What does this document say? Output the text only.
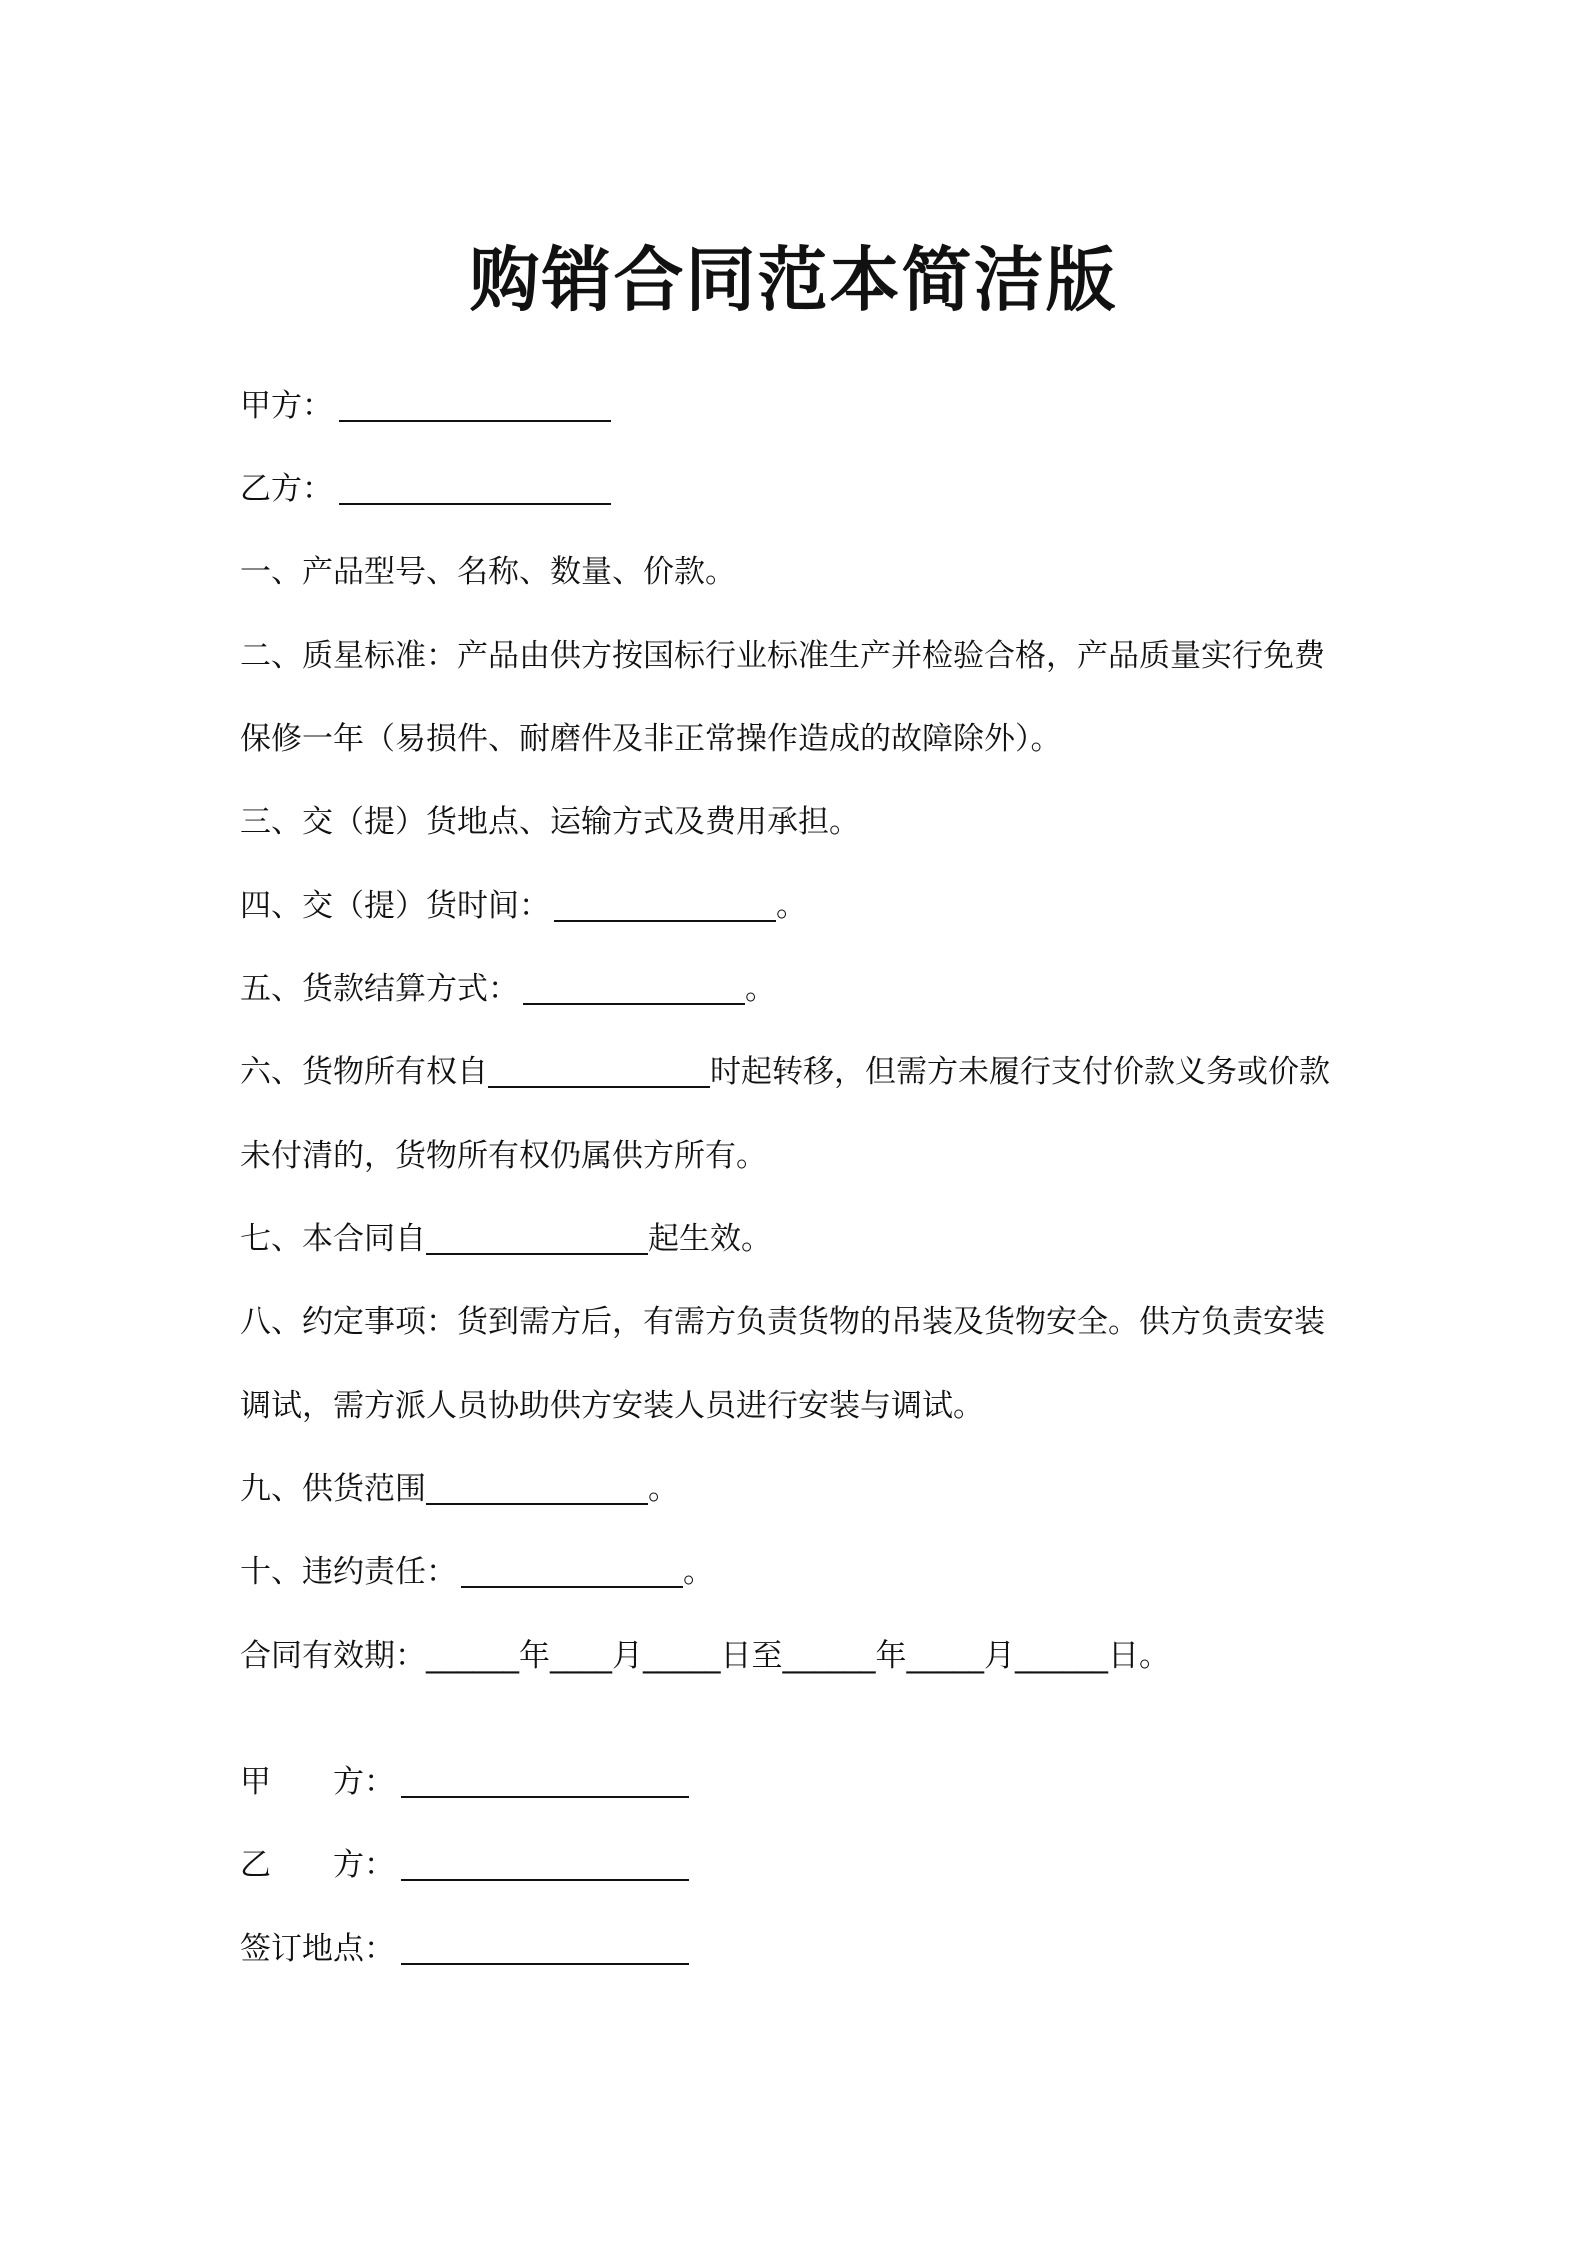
购销合同范本简洁版
甲方：
乙方：
一、产品型号、名称、数量、价款。
二、质星标准：产品由供方按国标行业标准生产并检验合格，产品质量实行免费
保修一年（易损件、耐磨件及非正常操作造成的故障除外）。
三、交（提）货地点、运输方式及费用承担。
四、交（提）货时间：	。
五、货款结算方式：	。
六、货物所有权自	时起转移，但需方未履行支付价款义务或价款
未付清的，货物所有权仍属供方所有。
七、本合同自	起生效。
八、约定事项：货到需方后，有需方负责货物的吊装及货物安全。供方负责安装
调试，需方派人员协助供方安装人员进行安装与调试。
九、供货范围	。
十、违约责任：	。
合同有效期：______年____月_____日至______年_____月______日。
甲 方：
乙 方：
签订地点：
